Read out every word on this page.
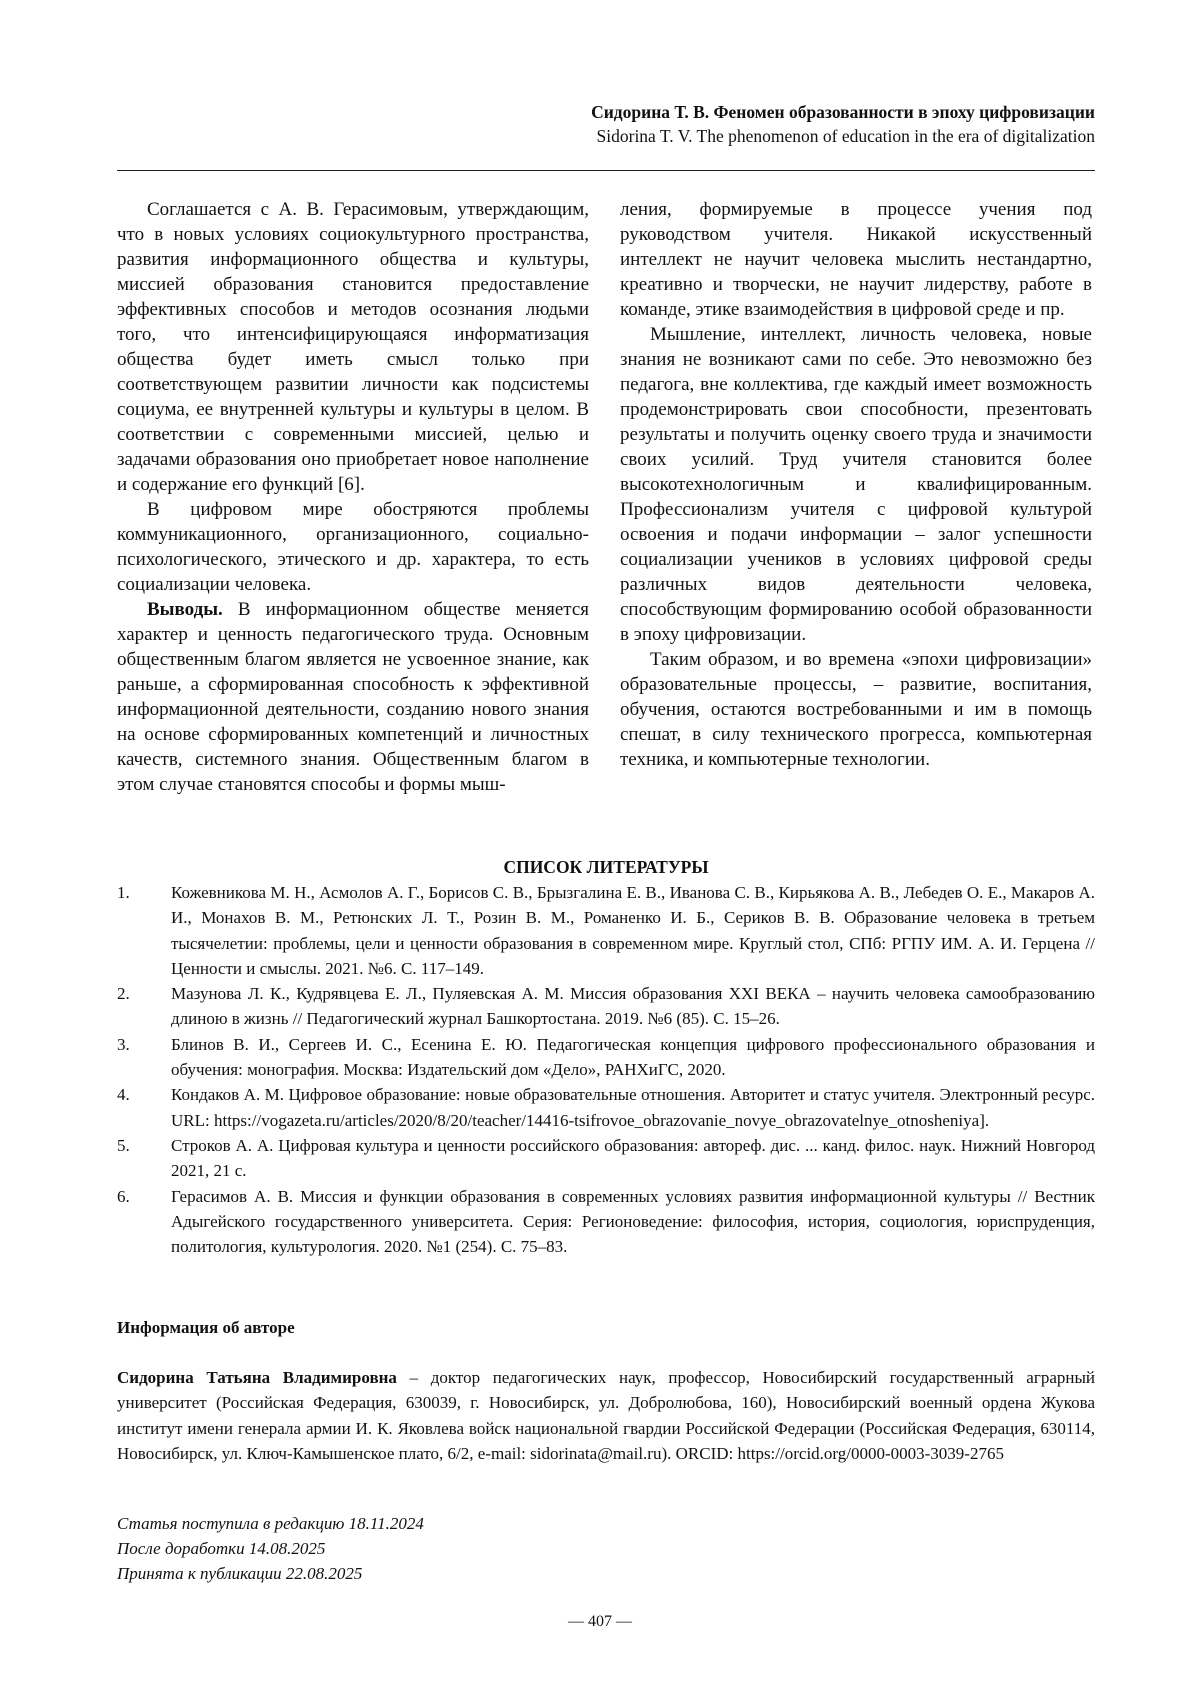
Сидорина Т. В. Феномен образованности в эпоху цифровизации
Sidorina T. V. The phenomenon of education in the era of digitalization

Соглашается с А. В. Герасимовым, утверждающим, что в новых условиях социокультурного пространства, развития информационного общества и культуры, миссией образования становится предоставление эффективных способов и методов осознания людьми того, что интенсифицирующаяся информатизация общества будет иметь смысл только при соответствующем развитии личности как подсистемы социума, ее внутренней культуры и культуры в целом. В соответствии с современными миссией, целью и задачами образования оно приобретает новое наполнение и содержание его функций [6].

В цифровом мире обостряются проблемы коммуникационного, организационного, социально-психологического, этического и др. характера, то есть социализации человека.

Выводы. В информационном обществе меняется характер и ценность педагогического труда. Основным общественным благом является не усвоенное знание, как раньше, а сформированная способность к эффективной информационной деятельности, созданию нового знания на основе сформированных компетенций и личностных качеств, системного знания. Общественным благом в этом случае становятся способы и формы мыш-

ления, формируемые в процессе учения под руководством учителя. Никакой искусственный интеллект не научит человека мыслить нестандартно, креативно и творчески, не научит лидерству, работе в команде, этике взаимодействия в цифровой среде и пр.

Мышление, интеллект, личность человека, новые знания не возникают сами по себе. Это невозможно без педагога, вне коллектива, где каждый имеет возможность продемонстрировать свои способности, презентовать результаты и получить оценку своего труда и значимости своих усилий. Труд учителя становится более высокотехнологичным и квалифицированным. Профессионализм учителя с цифровой культурой освоения и подачи информации – залог успешности социализации учеников в условиях цифровой среды различных видов деятельности человека, способствующим формированию особой образованности в эпоху цифровизации.

Таким образом, и во времена «эпохи цифровизации» образовательные процессы, – развитие, воспитания, обучения, остаются востребованными и им в помощь спешат, в силу технического прогресса, компьютерная техника, и компьютерные технологии.

СПИСОК ЛИТЕРАТУРЫ
1.	Кожевникова М. Н., Асмолов А. Г., Борисов С. В., Брызгалина Е. В., Иванова С. В., Кирьякова А. В., Лебедев О. Е., Макаров А. И., Монахов В. М., Ретюнских Л. Т., Розин В. М., Романенко И. Б., Сериков В. В. Образование человека в третьем тысячелетии: проблемы, цели и ценности образования в современном мире. Круглый стол, СПб: РГПУ ИМ. А. И. Герцена // Ценности и смыслы. 2021. №6. С. 117–149.
2.	Мазунова Л. К., Кудрявцева Е. Л., Пуляевская А. М. Миссия образования XXI ВЕКА – научить человека самообразованию длиною в жизнь // Педагогический журнал Башкортостана. 2019. №6 (85). С. 15–26.
3.	Блинов В. И., Сергеев И. С., Есенина Е. Ю. Педагогическая концепция цифрового профессионального образования и обучения: монография. Москва: Издательский дом «Дело», РАНХиГС, 2020.
4.	Кондаков А. М. Цифровое образование: новые образовательные отношения. Авторитет и статус учителя. Электронный ресурс. URL: https://vogazeta.ru/articles/2020/8/20/teacher/14416-tsifrovoe_obrazovanie_novye_obrazovatelnye_otnosheniya].
5.	Строков А. А. Цифровая культура и ценности российского образования: автореф. дис. ... канд. филос. наук. Нижний Новгород 2021, 21 с.
6.	Герасимов А. В. Миссия и функции образования в современных условиях развития информационной культуры // Вестник Адыгейского государственного университета. Серия: Регионоведение: философия, история, социология, юриспруденция, политология, культурология. 2020. №1 (254). С. 75–83.
Информация об авторе
Сидорина Татьяна Владимировна – доктор педагогических наук, профессор, Новосибирский государственный аграрный университет (Российская Федерация, 630039, г. Новосибирск, ул. Добролюбова, 160), Новосибирский военный ордена Жукова институт имени генерала армии И. К. Яковлева войск национальной гвардии Российской Федерации (Российская Федерация, 630114, Новосибирск, ул. Ключ-Камышенское плато, 6/2, e-mail: sidorinata@mail.ru). ORCID: https://orcid.org/0000-0003-3039-2765
Статья поступила в редакцию 18.11.2024
После доработки 14.08.2025
Принята к публикации 22.08.2025
— 407 —
